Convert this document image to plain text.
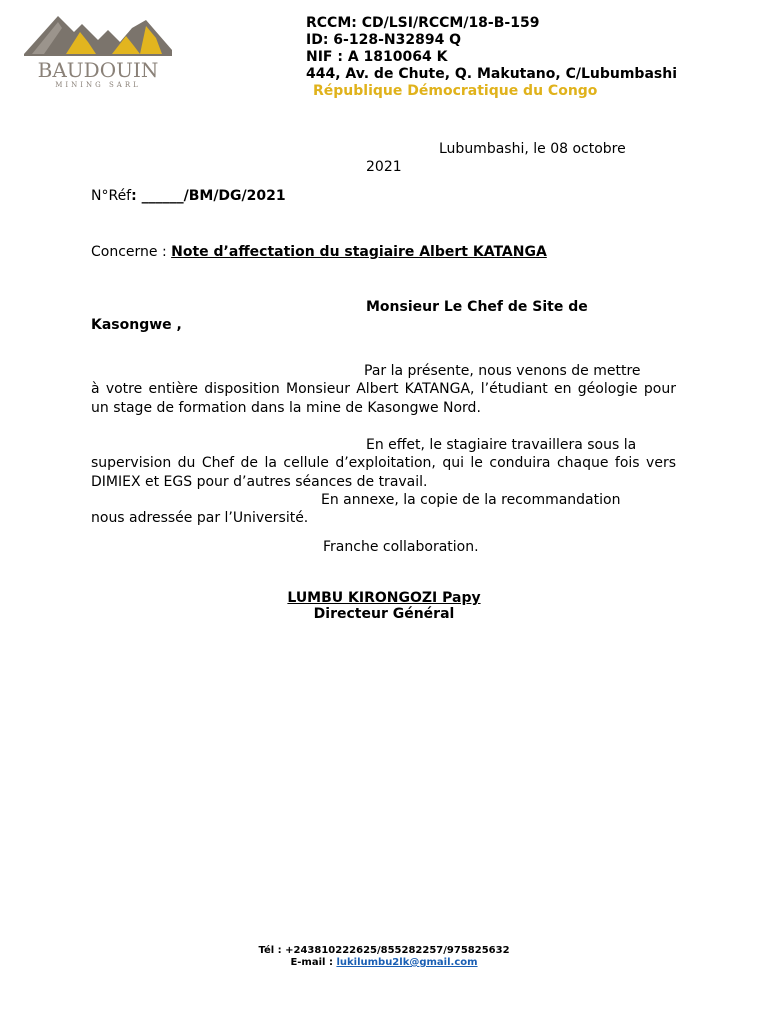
BAUDOUIN
MINING SARL
RCCM: CD/LSI/RCCM/18-B-159
ID: 6-128-N32894 Q
NIF : A 1810064 K
444, Av. de Chute, Q. Makutano, C/Lubumbashi
République Démocratique du Congo
Lubumbashi, le 08 octobre
2021
N°Réf: ______/BM/DG/2021
Concerne : Note d’affectation du stagiaire Albert KATANGA
Monsieur Le Chef de Site de
Kasongwe ,
Par la présente, nous venons de mettre
à votre entière disposition Monsieur Albert KATANGA, l’étudiant en géologie pour un stage de formation dans la mine de Kasongwe Nord.
En effet, le stagiaire travaillera sous la
supervision du Chef de la cellule d’exploitation, qui le conduira chaque fois vers DIMIEX et EGS pour d’autres séances de travail.
En annexe, la copie de la recommandation
nous adressée par l’Université.
Franche collaboration.
LUMBU KIRONGOZI Papy
Directeur Général
Tél : +243810222625/855282257/975825632
E-mail : lukilumbu2lk@gmail.com
